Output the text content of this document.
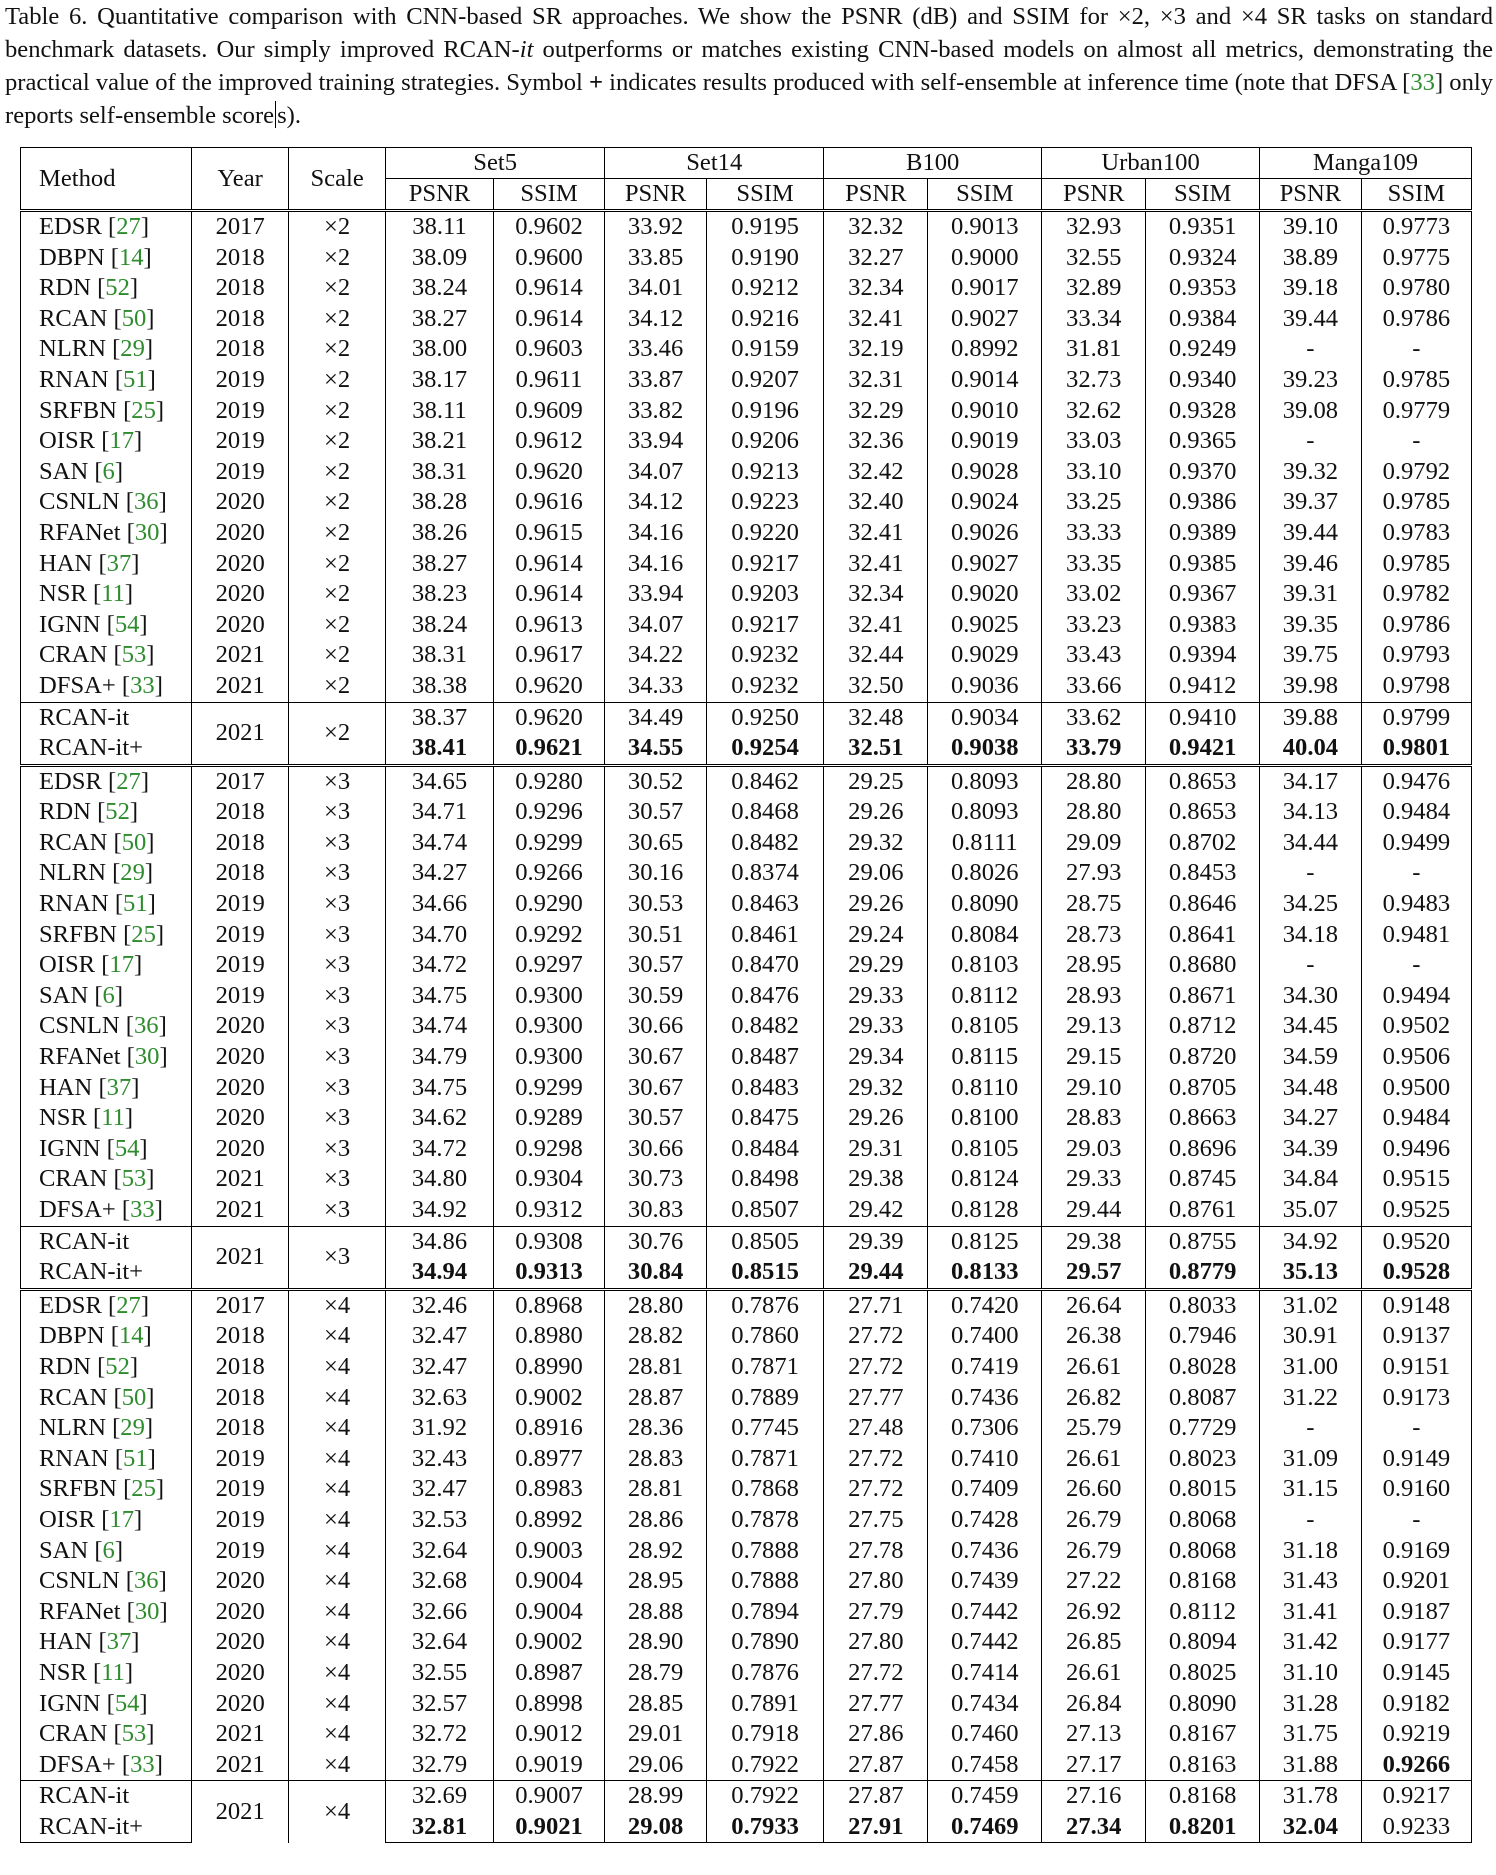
Table 6. Quantitative comparison with CNN-based SR approaches. We show the PSNR (dB) and SSIM for ×2, ×3 and ×4 SR tasks on standard benchmark datasets. Our simply improved RCAN-it outperforms or matches existing CNN-based models on almost all metrics, demonstrating the practical value of the improved training strategies. Symbol + indicates results produced with self-ensemble at inference time (note that DFSA [33] only reports self-ensemble score s).

Method	Year	Scale	Set5		Set14		B100		Urban100		Manga109	
			PSNR	SSIM	PSNR	SSIM	PSNR	SSIM	PSNR	SSIM	PSNR	SSIM
EDSR [27]	2017	×2	38.11	0.9602	33.92	0.9195	32.32	0.9013	32.93	0.9351	39.10	0.9773
DBPN [14]	2018	×2	38.09	0.9600	33.85	0.9190	32.27	0.9000	32.55	0.9324	38.89	0.9775
RDN [52]	2018	×2	38.24	0.9614	34.01	0.9212	32.34	0.9017	32.89	0.9353	39.18	0.9780
RCAN [50]	2018	×2	38.27	0.9614	34.12	0.9216	32.41	0.9027	33.34	0.9384	39.44	0.9786
NLRN [29]	2018	×2	38.00	0.9603	33.46	0.9159	32.19	0.8992	31.81	0.9249	-	-
RNAN [51]	2019	×2	38.17	0.9611	33.87	0.9207	32.31	0.9014	32.73	0.9340	39.23	0.9785
SRFBN [25]	2019	×2	38.11	0.9609	33.82	0.9196	32.29	0.9010	32.62	0.9328	39.08	0.9779
OISR [17]	2019	×2	38.21	0.9612	33.94	0.9206	32.36	0.9019	33.03	0.9365	-	-
SAN [6]	2019	×2	38.31	0.9620	34.07	0.9213	32.42	0.9028	33.10	0.9370	39.32	0.9792
CSNLN [36]	2020	×2	38.28	0.9616	34.12	0.9223	32.40	0.9024	33.25	0.9386	39.37	0.9785
RFANet [30]	2020	×2	38.26	0.9615	34.16	0.9220	32.41	0.9026	33.33	0.9389	39.44	0.9783
HAN [37]	2020	×2	38.27	0.9614	34.16	0.9217	32.41	0.9027	33.35	0.9385	39.46	0.9785
NSR [11]	2020	×2	38.23	0.9614	33.94	0.9203	32.34	0.9020	33.02	0.9367	39.31	0.9782
IGNN [54]	2020	×2	38.24	0.9613	34.07	0.9217	32.41	0.9025	33.23	0.9383	39.35	0.9786
CRAN [53]	2021	×2	38.31	0.9617	34.22	0.9232	32.44	0.9029	33.43	0.9394	39.75	0.9793
DFSA+ [33]	2021	×2	38.38	0.9620	34.33	0.9232	32.50	0.9036	33.66	0.9412	39.98	0.9798
RCAN-it	2021	×2	38.37	0.9620	34.49	0.9250	32.48	0.9034	33.62	0.9410	39.88	0.9799
RCAN-it+			38.41	0.9621	34.55	0.9254	32.51	0.9038	33.79	0.9421	40.04	0.9801
EDSR [27]	2017	×3	34.65	0.9280	30.52	0.8462	29.25	0.8093	28.80	0.8653	34.17	0.9476
RDN [52]	2018	×3	34.71	0.9296	30.57	0.8468	29.26	0.8093	28.80	0.8653	34.13	0.9484
RCAN [50]	2018	×3	34.74	0.9299	30.65	0.8482	29.32	0.8111	29.09	0.8702	34.44	0.9499
NLRN [29]	2018	×3	34.27	0.9266	30.16	0.8374	29.06	0.8026	27.93	0.8453	-	-
RNAN [51]	2019	×3	34.66	0.9290	30.53	0.8463	29.26	0.8090	28.75	0.8646	34.25	0.9483
SRFBN [25]	2019	×3	34.70	0.9292	30.51	0.8461	29.24	0.8084	28.73	0.8641	34.18	0.9481
OISR [17]	2019	×3	34.72	0.9297	30.57	0.8470	29.29	0.8103	28.95	0.8680	-	-
SAN [6]	2019	×3	34.75	0.9300	30.59	0.8476	29.33	0.8112	28.93	0.8671	34.30	0.9494
CSNLN [36]	2020	×3	34.74	0.9300	30.66	0.8482	29.33	0.8105	29.13	0.8712	34.45	0.9502
RFANet [30]	2020	×3	34.79	0.9300	30.67	0.8487	29.34	0.8115	29.15	0.8720	34.59	0.9506
HAN [37]	2020	×3	34.75	0.9299	30.67	0.8483	29.32	0.8110	29.10	0.8705	34.48	0.9500
NSR [11]	2020	×3	34.62	0.9289	30.57	0.8475	29.26	0.8100	28.83	0.8663	34.27	0.9484
IGNN [54]	2020	×3	34.72	0.9298	30.66	0.8484	29.31	0.8105	29.03	0.8696	34.39	0.9496
CRAN [53]	2021	×3	34.80	0.9304	30.73	0.8498	29.38	0.8124	29.33	0.8745	34.84	0.9515
DFSA+ [33]	2021	×3	34.92	0.9312	30.83	0.8507	29.42	0.8128	29.44	0.8761	35.07	0.9525
RCAN-it	2021	×3	34.86	0.9308	30.76	0.8505	29.39	0.8125	29.38	0.8755	34.92	0.9520
RCAN-it+			34.94	0.9313	30.84	0.8515	29.44	0.8133	29.57	0.8779	35.13	0.9528
EDSR [27]	2017	×4	32.46	0.8968	28.80	0.7876	27.71	0.7420	26.64	0.8033	31.02	0.9148
DBPN [14]	2018	×4	32.47	0.8980	28.82	0.7860	27.72	0.7400	26.38	0.7946	30.91	0.9137
RDN [52]	2018	×4	32.47	0.8990	28.81	0.7871	27.72	0.7419	26.61	0.8028	31.00	0.9151
RCAN [50]	2018	×4	32.63	0.9002	28.87	0.7889	27.77	0.7436	26.82	0.8087	31.22	0.9173
NLRN [29]	2018	×4	31.92	0.8916	28.36	0.7745	27.48	0.7306	25.79	0.7729	-	-
RNAN [51]	2019	×4	32.43	0.8977	28.83	0.7871	27.72	0.7410	26.61	0.8023	31.09	0.9149
SRFBN [25]	2019	×4	32.47	0.8983	28.81	0.7868	27.72	0.7409	26.60	0.8015	31.15	0.9160
OISR [17]	2019	×4	32.53	0.8992	28.86	0.7878	27.75	0.7428	26.79	0.8068	-	-
SAN [6]	2019	×4	32.64	0.9003	28.92	0.7888	27.78	0.7436	26.79	0.8068	31.18	0.9169
CSNLN [36]	2020	×4	32.68	0.9004	28.95	0.7888	27.80	0.7439	27.22	0.8168	31.43	0.9201
RFANet [30]	2020	×4	32.66	0.9004	28.88	0.7894	27.79	0.7442	26.92	0.8112	31.41	0.9187
HAN [37]	2020	×4	32.64	0.9002	28.90	0.7890	27.80	0.7442	26.85	0.8094	31.42	0.9177
NSR [11]	2020	×4	32.55	0.8987	28.79	0.7876	27.72	0.7414	26.61	0.8025	31.10	0.9145
IGNN [54]	2020	×4	32.57	0.8998	28.85	0.7891	27.77	0.7434	26.84	0.8090	31.28	0.9182
CRAN [53]	2021	×4	32.72	0.9012	29.01	0.7918	27.86	0.7460	27.13	0.8167	31.75	0.9219
DFSA+ [33]	2021	×4	32.79	0.9019	29.06	0.7922	27.87	0.7458	27.17	0.8163	31.88	0.9266
RCAN-it	2021	×4	32.69	0.9007	28.99	0.7922	27.87	0.7459	27.16	0.8168	31.78	0.9217
RCAN-it+			32.81	0.9021	29.08	0.7933	27.91	0.7469	27.34	0.8201	32.04	0.9233
